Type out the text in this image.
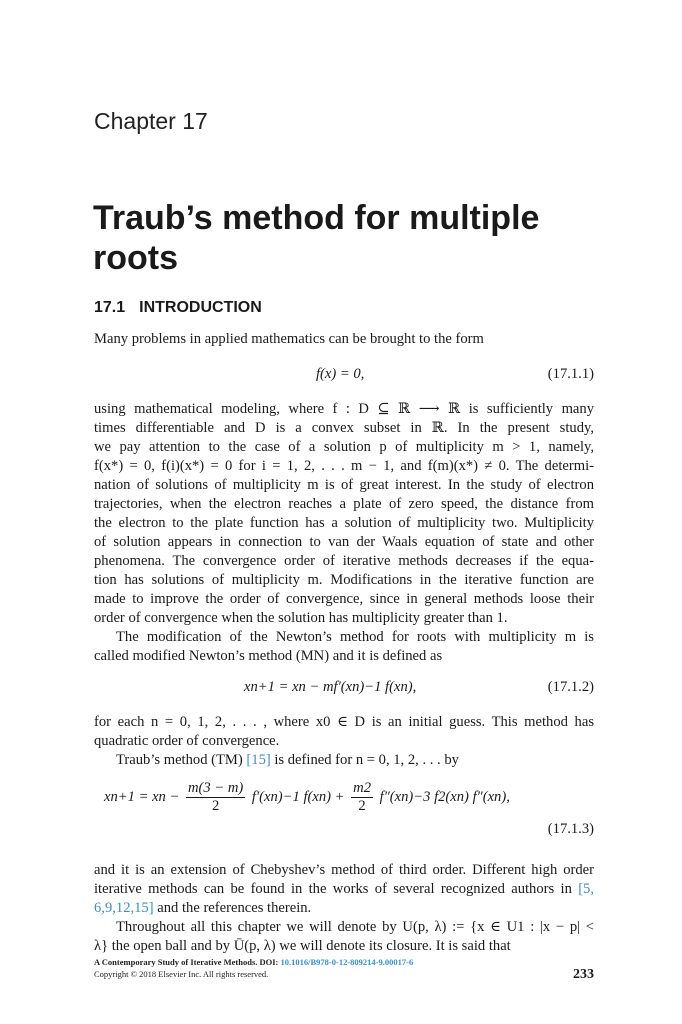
Chapter 17
Traub’s method for multiple roots
17.1 INTRODUCTION

Many problems in applied mathematics can be brought to the form

f(x) = 0,	(17.1.1)
using mathematical modeling, where f : D ⊆ ℝ ⟶ ℝ is sufficiently many
times differentiable and D is a convex subset in ℝ. In the present study,
we pay attention to the case of a solution p of multiplicity m > 1, namely,
f(x*) = 0, f(i)(x*) = 0 for i = 1, 2, . . . m − 1, and f(m)(x*) ≠ 0. The determi-
nation of solutions of multiplicity m is of great interest. In the study of electron
trajectories, when the electron reaches a plate of zero speed, the distance from
the electron to the plate function has a solution of multiplicity two. Multiplicity
of solution appears in connection to van der Waals equation of state and other
phenomena. The convergence order of iterative methods decreases if the equa-
tion has solutions of multiplicity m. Modifications in the iterative function are
made to improve the order of convergence, since in general methods loose their
order of convergence when the solution has multiplicity greater than 1.
The modification of the Newton’s method for roots with multiplicity m is
called modified Newton’s method (MN) and it is defined as
xn+1 = xn − mf′(xn)−1 f(xn),	(17.1.2)
for each n = 0, 1, 2, . . . , where x0 ∈ D is an initial guess. This method has
quadratic order of convergence.
Traub’s method (TM) [15] is defined for n = 0, 1, 2, . . . by
xn+1 = xn − $\frac{m(3 - m)}{2} f'(xn)-1$ $f(xn) + \frac{m2}{2} f''(xn)-3$ f2(xn) f″(xn),
(17.1.3)
and it is an extension of Chebyshev’s method of third order. Different high order
iterative methods can be found in the works of several recognized authors in [5,
6,9,12,15] and the references therein.
Throughout all this chapter we will denote by U(p, λ) := {x ∈ U1 : |x − p| <
λ} the open ball and by Ū(p, λ) we will denote its closure. It is said that
A Contemporary Study of Iterative Methods. DOI: 10.1016/B978-0-12-809214-9.00017-6
Copyright © 2018 Elsevier Inc. All rights reserved.	233
